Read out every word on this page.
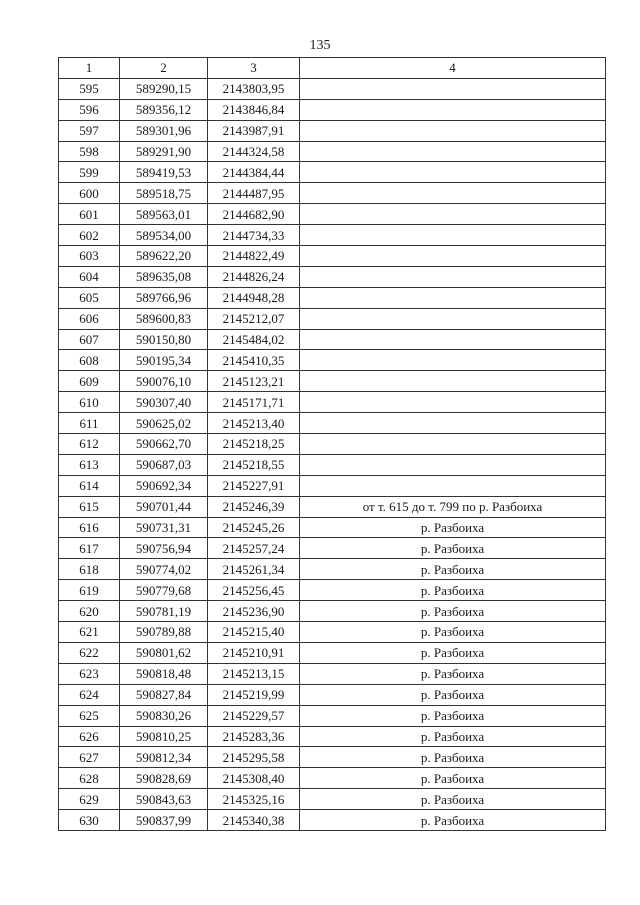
135
1	2	3	4
595	589290,15	2143803,95	
596	589356,12	2143846,84	
597	589301,96	2143987,91	
598	589291,90	2144324,58	
599	589419,53	2144384,44	
600	589518,75	2144487,95	
601	589563,01	2144682,90	
602	589534,00	2144734,33	
603	589622,20	2144822,49	
604	589635,08	2144826,24	
605	589766,96	2144948,28	
606	589600,83	2145212,07	
607	590150,80	2145484,02	
608	590195,34	2145410,35	
609	590076,10	2145123,21	
610	590307,40	2145171,71	
611	590625,02	2145213,40	
612	590662,70	2145218,25	
613	590687,03	2145218,55	
614	590692,34	2145227,91	
615	590701,44	2145246,39	от т. 615 до т. 799 по р. Разбоиха
616	590731,31	2145245,26	р. Разбоиха
617	590756,94	2145257,24	р. Разбоиха
618	590774,02	2145261,34	р. Разбоиха
619	590779,68	2145256,45	р. Разбоиха
620	590781,19	2145236,90	р. Разбоиха
621	590789,88	2145215,40	р. Разбоиха
622	590801,62	2145210,91	р. Разбоиха
623	590818,48	2145213,15	р. Разбоиха
624	590827,84	2145219,99	р. Разбоиха
625	590830,26	2145229,57	р. Разбоиха
626	590810,25	2145283,36	р. Разбоиха
627	590812,34	2145295,58	р. Разбоиха
628	590828,69	2145308,40	р. Разбоиха
629	590843,63	2145325,16	р. Разбоиха
630	590837,99	2145340,38	р. Разбоиха
